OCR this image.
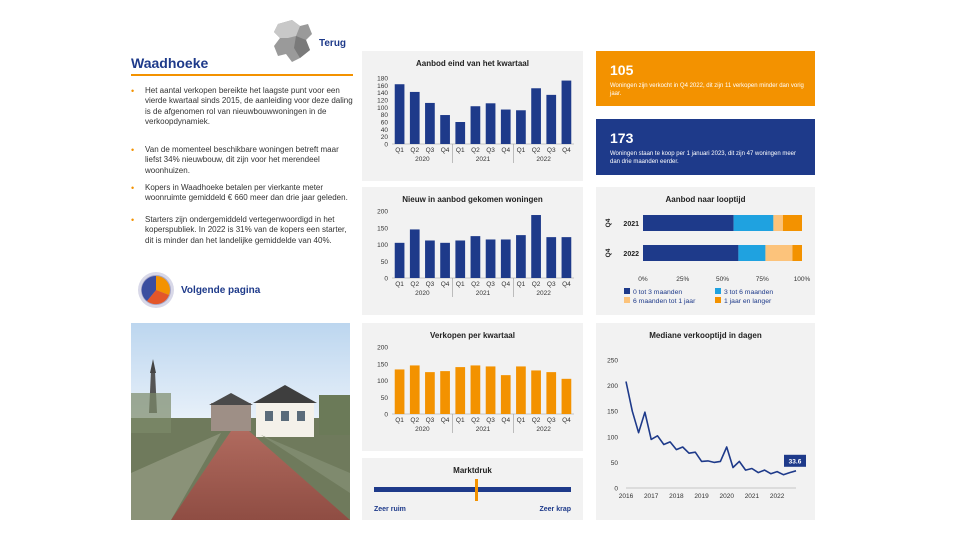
Terug
Waadhoeke
•	Het aantal verkopen bereikte het laagste punt voor een vierde kwartaal sinds 2015, de aanleiding voor deze daling is de afgenomen rol van nieuwbouwwoningen in de verkoopdynamiek.
•	Van de momenteel beschikbare woningen betreft maar liefst 34% nieuwbouw, dit zijn voor het merendeel woonhuizen.
•	Kopers in Waadhoeke betalen per vierkante meter woonruimte gemiddeld € 660 meer dan drie jaar geleden.
•	Starters zijn ondergemiddeld vertegenwoordigd in het koperspubliek. In 2022 is 31% van de kopers een starter, dit is minder dan het landelijke gemiddelde van 40%.
Volgende pagina
Aanbod eind van het kwartaal
0
20
40
60
80
100
120
140
160
180
Q1 Q2 Q3 Q4 Q1 Q2 Q3 Q4 Q1 Q2 Q3 Q4
2020	2021	2022
Nieuw in aanbod gekomen woningen
0
50
100
150
200
Q1 Q2 Q3 Q4 Q1 Q2 Q3 Q4 Q1 Q2 Q3 Q4
2020	2021	2022
Verkopen per kwartaal
0
50
100
150
200
Q1 Q2 Q3 Q4 Q1 Q2 Q3 Q4 Q1 Q2 Q3 Q4
2020	2021	2022
Marktdruk
Zeer ruim	Zeer krap
105
Woningen zijn verkocht in Q4 2022, dit zijn 11 verkopen minder dan vorig jaar.
173
Woningen staan te koop per 1 januari 2023, dit zijn 47 woningen meer dan drie maanden eerder.
Aanbod naar looptijd
2021
Q4
2022
Q4
0%	25%	50%	75%	100%
0 tot 3 maanden	3 tot 6 maanden
6 maanden tot 1 jaar	1 jaar en langer
Mediane verkooptijd in dagen
0
50
100
150
200
250
2016 2017 2018 2019 2020 2021 2022
33.6
